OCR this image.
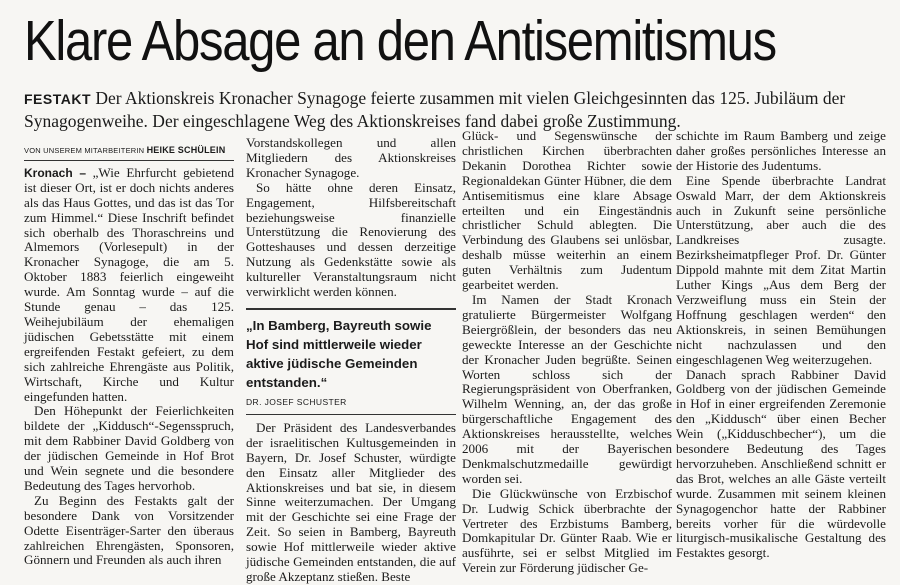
Klare Absage an den Antisemitismus
FESTAKT Der Aktionskreis Kronacher Synagoge feierte zusammen mit vielen Gleichgesinnten das 125. Jubiläum der Synagogenweihe. Der eingeschlagene Weg des Aktionskreises fand dabei große Zustimmung.
VON UNSEREM MITARBEITERIN HEIKE SCHÜLEIN

Kronach – „Wie Ehrfurcht gebietend ist dieser Ort, ist er doch nichts anderes als das Haus Gottes, und das ist das Tor zum Himmel.“ Diese Inschrift befindet sich oberhalb des Thoraschreins und Almemors (Vorlesepult) in der Kronacher Synagoge, die am 5. Oktober 1883 feierlich eingeweiht wurde. Am Sonntag wurde – auf die Stunde genau – das 125. Weihejubiläum der ehemaligen jüdischen Gebetsstätte mit einem ergreifenden Festakt gefeiert, zu dem sich zahlreiche Ehrengäste aus Politik, Wirtschaft, Kirche und Kultur eingefunden hatten.

Den Höhepunkt der Feierlichkeiten bildete der „Kiddusch“-Segensspruch, mit dem Rabbiner David Goldberg von der jüdischen Gemeinde in Hof Brot und Wein segnete und die besondere Bedeutung des Tages hervorhob.

Zu Beginn des Festakts galt der besondere Dank von Vorsitzender Odette Eisenträger-Sarter den überaus zahlreichen Ehrengästen, Sponsoren, Gönnern und Freunden als auch ihren

Vorstandskollegen und allen Mitgliedern des Aktionskreises Kronacher Synagoge.

So hätte ohne deren Einsatz, Engagement, Hilfsbereitschaft beziehungsweise finanzielle Unterstützung die Renovierung des Gotteshauses und dessen derzeitige Nutzung als Gedenkstätte sowie als kultureller Veranstaltungsraum nicht verwirklicht werden können.

„In Bamberg, Bayreuth sowie Hof sind mittlerweile wieder aktive jüdische Gemeinden entstanden.“
DR. JOSEF SCHUSTER

Der Präsident des Landesverbandes der israelitischen Kultusgemeinden in Bayern, Dr. Josef Schuster, würdigte den Einsatz aller Mitglieder des Aktionskreises und bat sie, in diesem Sinne weiterzumachen. Der Umgang mit der Geschichte sei eine Frage der Zeit. So seien in Bamberg, Bayreuth sowie Hof mittlerweile wieder aktive jüdische Gemeinden entstanden, die auf große Akzeptanz stießen. Beste

Glück- und Segenswünsche der christlichen Kirchen überbrachten Dekanin Dorothea Richter sowie Regionaldekan Günter Hübner, die dem Antisemitismus eine klare Absage erteilten und ein Eingeständnis christlicher Schuld ablegten. Die Verbindung des Glaubens sei unlösbar, deshalb müsse weiterhin an einem guten Verhältnis zum Judentum gearbeitet werden.

Im Namen der Stadt Kronach gratulierte Bürgermeister Wolfgang Beiergrößlein, der besonders das neu geweckte Interesse an der Geschichte der Kronacher Juden begrüßte. Seinen Worten schloss sich der Regierungspräsident von Oberfranken, Wilhelm Wenning, an, der das große bürgerschaftliche Engagement des Aktionskreises herausstellte, welches 2006 mit der Bayerischen Denkmalschutzmedaille gewürdigt worden sei.

Die Glückwünsche von Erzbischof Dr. Ludwig Schick überbrachte der Vertreter des Erzbistums Bamberg, Domkapitular Dr. Günter Raab. Wie er ausführte, sei er selbst Mitglied im Verein zur Förderung jüdischer Ge-

schichte im Raum Bamberg und zeige daher großes persönliches Interesse an der Historie des Judentums.

Eine Spende überbrachte Landrat Oswald Marr, der dem Aktionskreis auch in Zukunft seine persönliche Unterstützung, aber auch die des Landkreises zusagte. Bezirksheimatpfleger Prof. Dr. Günter Dippold mahnte mit dem Zitat Martin Luther Kings „Aus dem Berg der Verzweiflung muss ein Stein der Hoffnung geschlagen werden“ den Aktionskreis, in seinen Bemühungen nicht nachzulassen und den eingeschlagenen Weg weiterzugehen.

Danach sprach Rabbiner David Goldberg von der jüdischen Gemeinde in Hof in einer ergreifenden Zeremonie den „Kiddusch“ über einen Becher Wein („Kidduschbecher“), um die besondere Bedeutung des Tages hervorzuheben. Anschließend schnitt er das Brot, welches an alle Gäste verteilt wurde. Zusammen mit seinem kleinen Synagogenchor hatte der Rabbiner bereits vorher für die würdevolle liturgisch-musikalische Gestaltung des Festaktes gesorgt.
